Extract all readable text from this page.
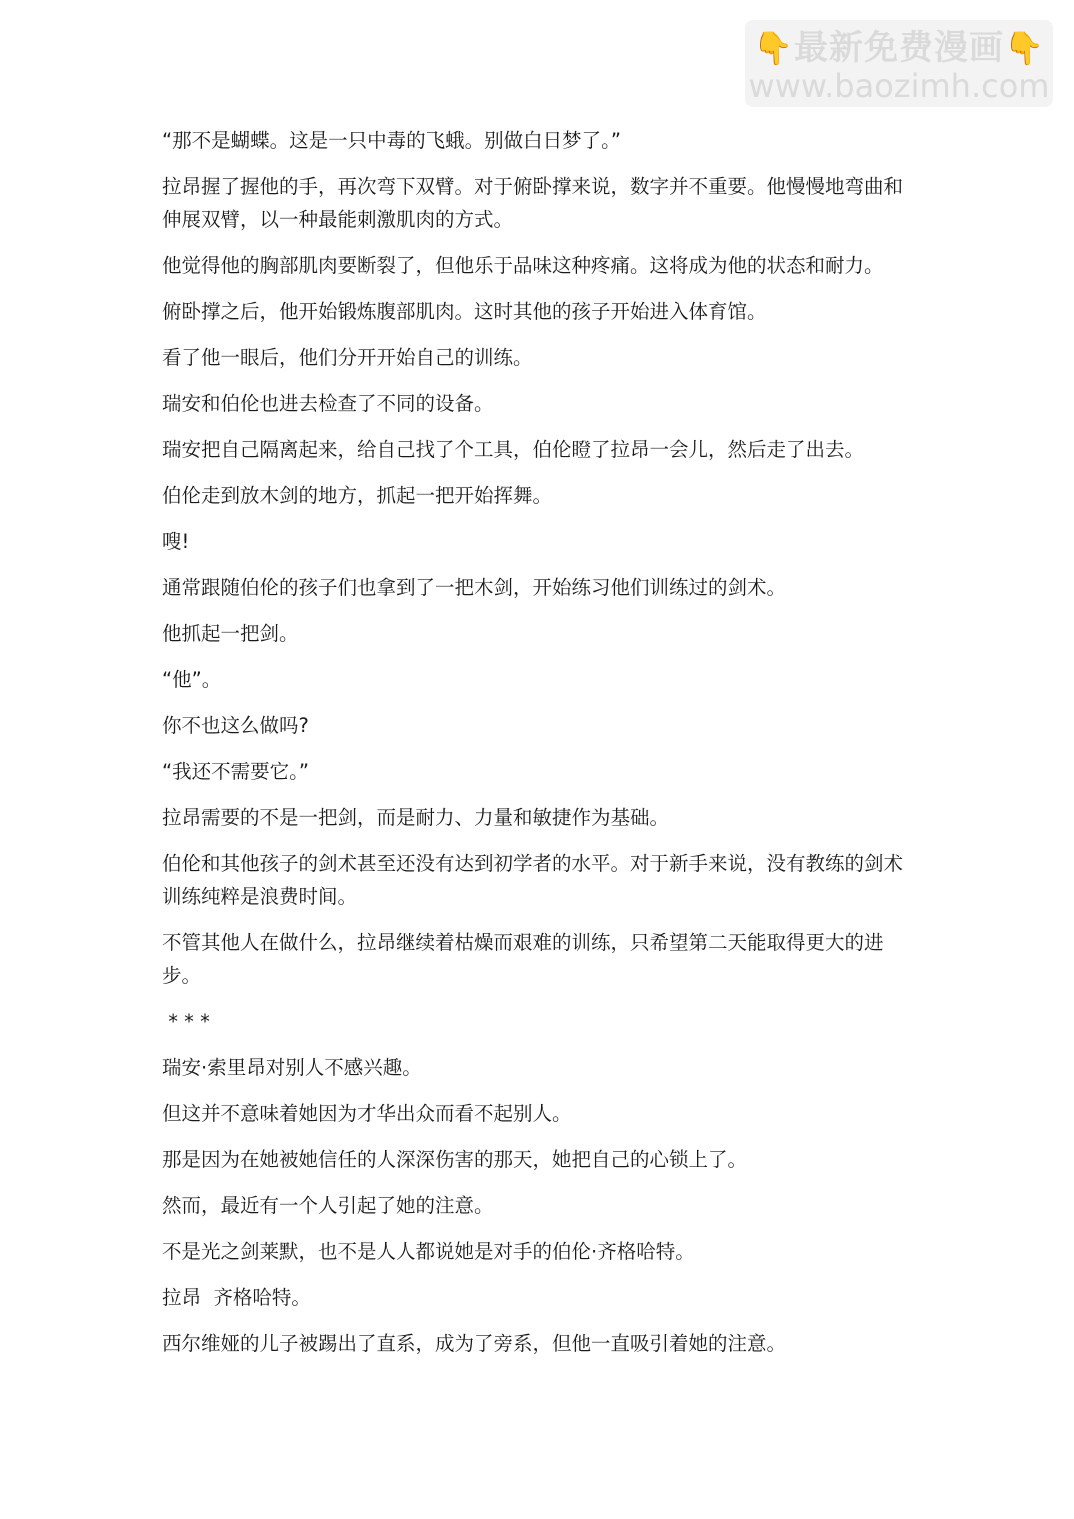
👇最新免费漫画👇
www.baozimh.com

“那不是蝴蝶。这是一只中毒的飞蛾。别做白日梦了。”

拉昂握了握他的手，再次弯下双臂。对于俯卧撑来说，数字并不重要。他慢慢地弯曲和伸展双臂，以一种最能刺激肌肉的方式。

他觉得他的胸部肌肉要断裂了，但他乐于品味这种疼痛。这将成为他的状态和耐力。

俯卧撑之后，他开始锻炼腹部肌肉。这时其他的孩子开始进入体育馆。

看了他一眼后，他们分开开始自己的训练。

瑞安和伯伦也进去检查了不同的设备。

瑞安把自己隔离起来，给自己找了个工具，伯伦瞪了拉昂一会儿，然后走了出去。

伯伦走到放木剑的地方，抓起一把开始挥舞。

嗖!

通常跟随伯伦的孩子们也拿到了一把木剑，开始练习他们训练过的剑术。

他抓起一把剑。

“他”。

你不也这么做吗?

“我还不需要它。”

拉昂需要的不是一把剑，而是耐力、力量和敏捷作为基础。

伯伦和其他孩子的剑术甚至还没有达到初学者的水平。对于新手来说，没有教练的剑术训练纯粹是浪费时间。

不管其他人在做什么，拉昂继续着枯燥而艰难的训练，只希望第二天能取得更大的进步。

* * *

瑞安·索里昂对别人不感兴趣。

但这并不意味着她因为才华出众而看不起别人。

那是因为在她被她信任的人深深伤害的那天，她把自己的心锁上了。

然而，最近有一个人引起了她的注意。

不是光之剑莱默，也不是人人都说她是对手的伯伦·齐格哈特。

拉昂  齐格哈特。

西尔维娅的儿子被踢出了直系，成为了旁系，但他一直吸引着她的注意。
